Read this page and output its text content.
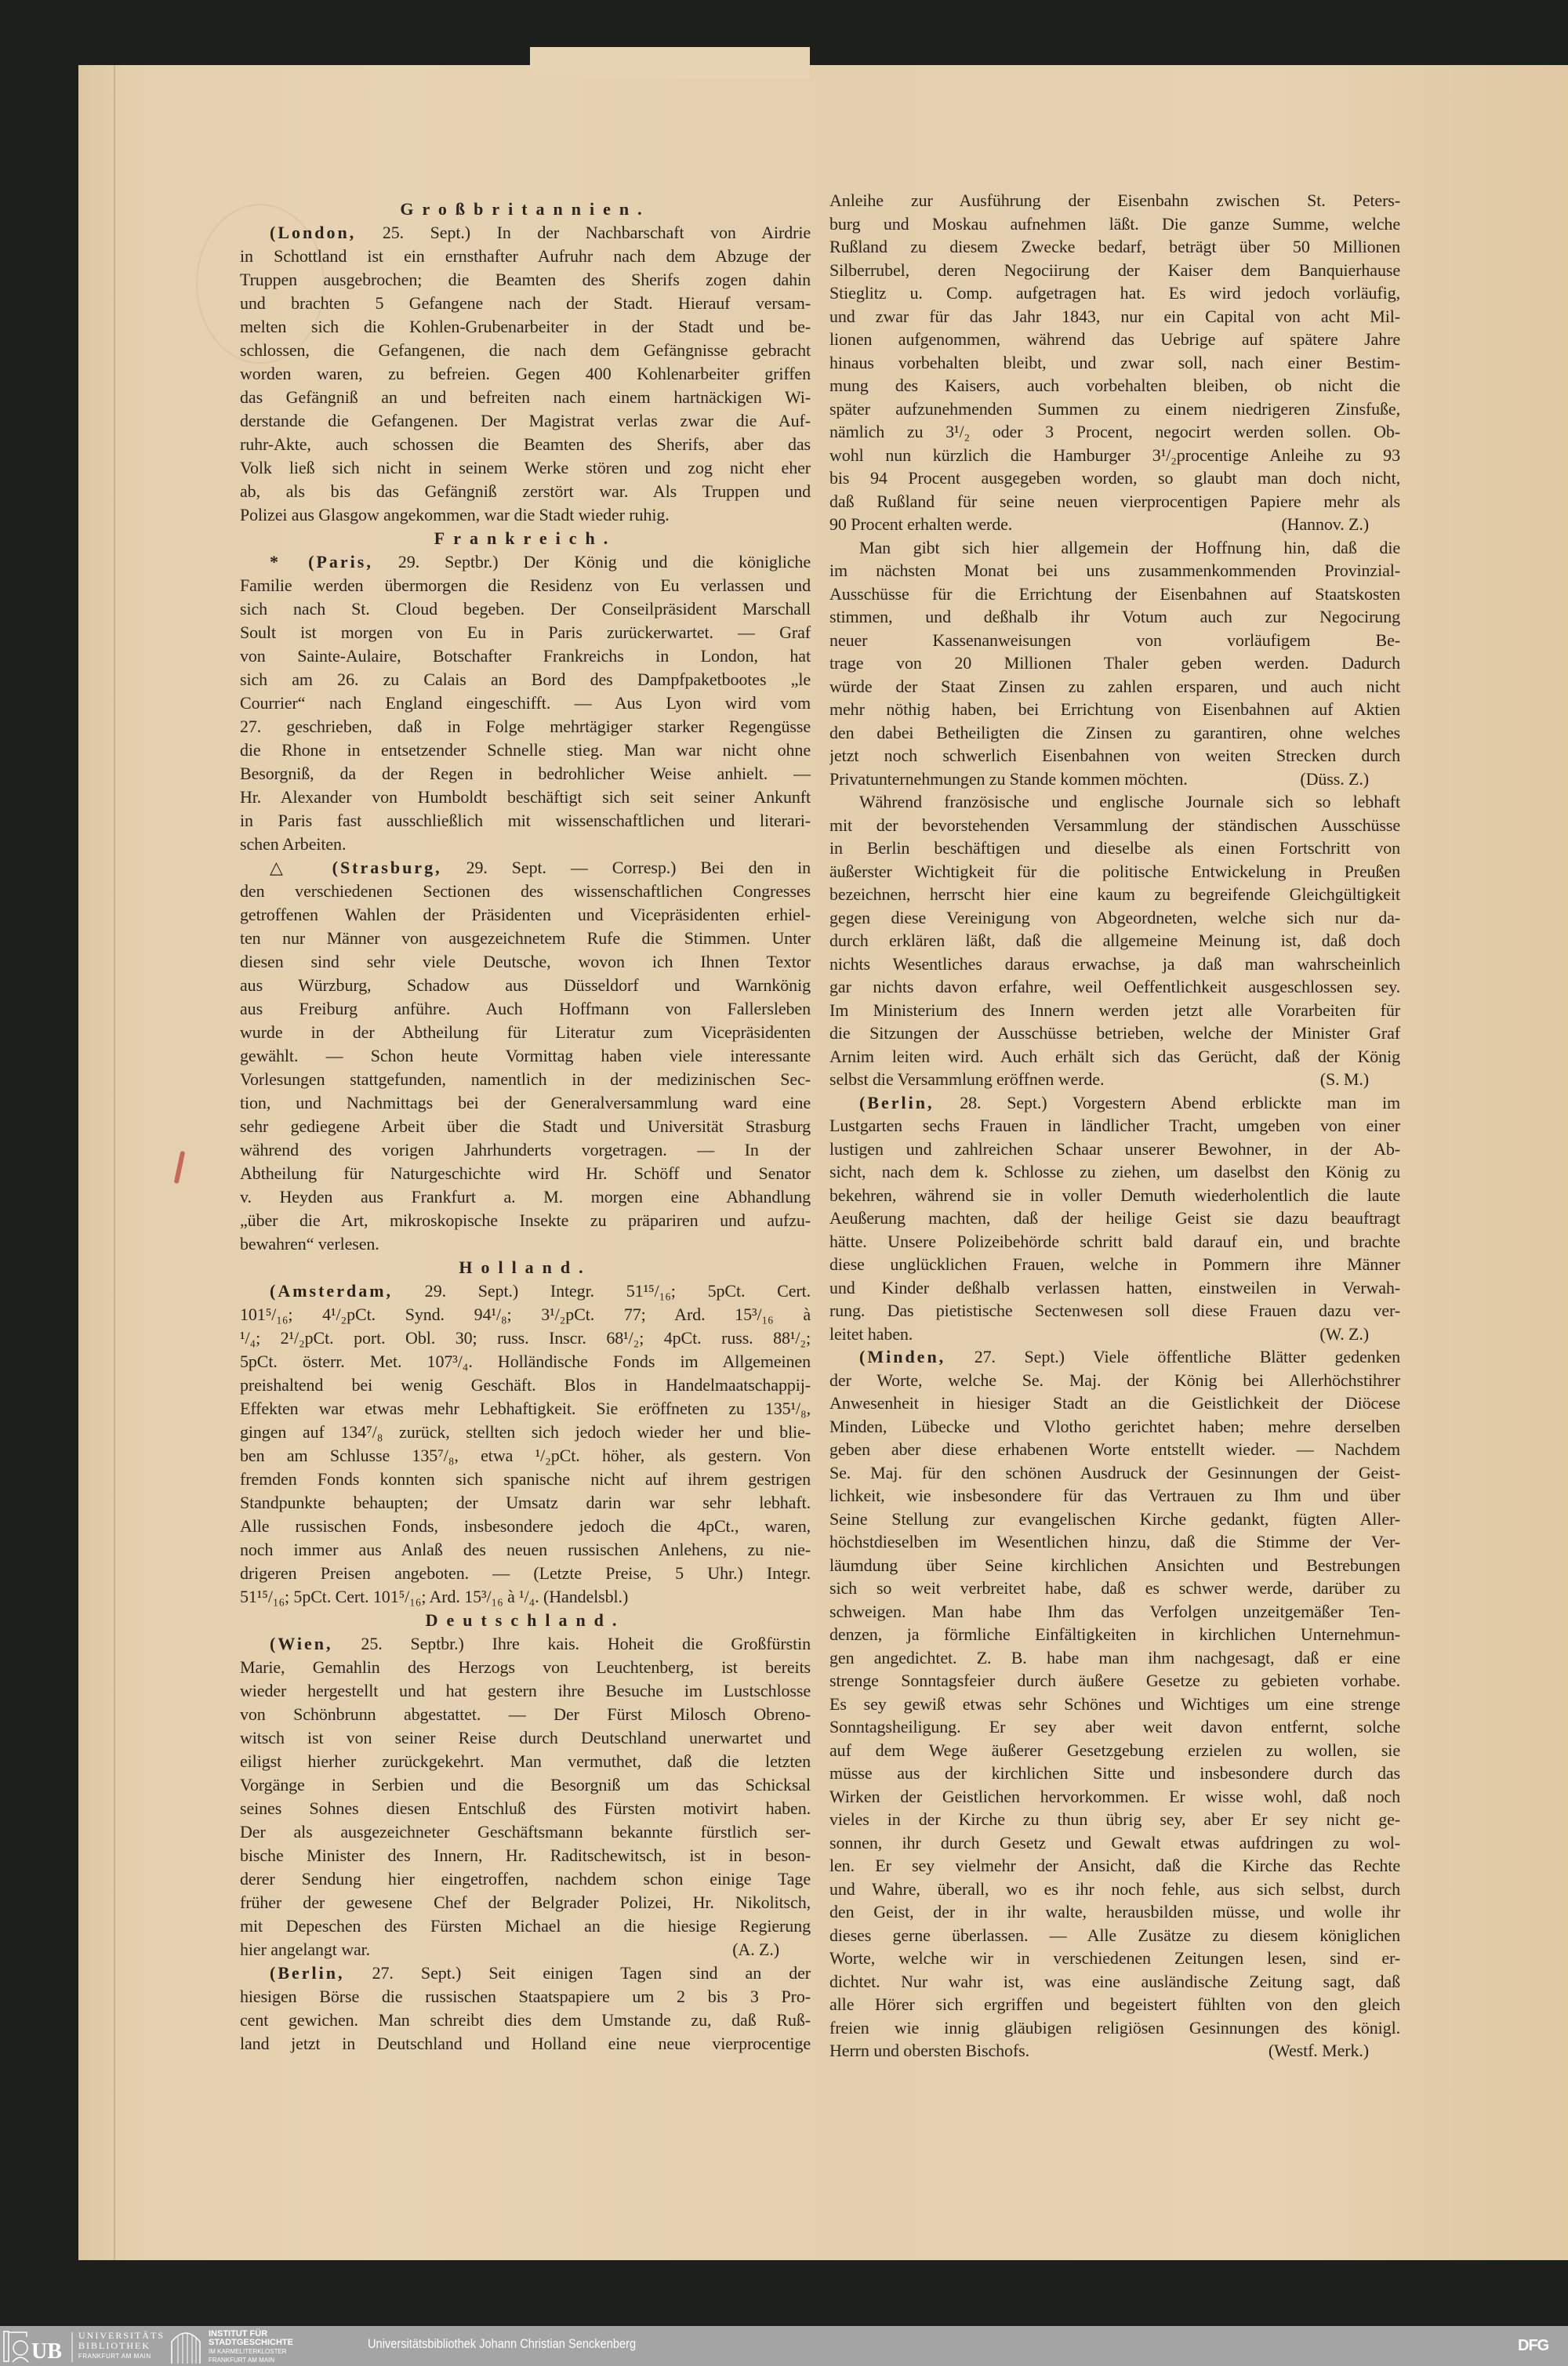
Großbritannien.
(London, 25. Sept.) In der Nachbarschaft von Airdrie
in Schottland ist ein ernsthafter Aufruhr nach dem Abzuge der
Truppen ausgebrochen; die Beamten des Sherifs zogen dahin
und brachten 5 Gefangene nach der Stadt. Hierauf versam-
melten sich die Kohlen-Grubenarbeiter in der Stadt und be-
schlossen, die Gefangenen, die nach dem Gefängnisse gebracht
worden waren, zu befreien. Gegen 400 Kohlenarbeiter griffen
das Gefängniß an und befreiten nach einem hartnäckigen Wi-
derstande die Gefangenen. Der Magistrat verlas zwar die Auf-
ruhr-Akte, auch schossen die Beamten des Sherifs, aber das
Volk ließ sich nicht in seinem Werke stören und zog nicht eher
ab, als bis das Gefängniß zerstört war. Als Truppen und
Polizei aus Glasgow angekommen, war die Stadt wieder ruhig.
Frankreich.
* (Paris, 29. Septbr.) Der König und die königliche
Familie werden übermorgen die Residenz von Eu verlassen und
sich nach St. Cloud begeben. Der Conseilpräsident Marschall
Soult ist morgen von Eu in Paris zurückerwartet. — Graf
von Sainte-Aulaire, Botschafter Frankreichs in London, hat
sich am 26. zu Calais an Bord des Dampfpaketbootes „le
Courrier“ nach England eingeschifft. — Aus Lyon wird vom
27. geschrieben, daß in Folge mehrtägiger starker Regengüsse
die Rhone in entsetzender Schnelle stieg. Man war nicht ohne
Besorgniß, da der Regen in bedrohlicher Weise anhielt. —
Hr. Alexander von Humboldt beschäftigt sich seit seiner Ankunft
in Paris fast ausschließlich mit wissenschaftlichen und literari-
schen Arbeiten.
△ (Strasburg, 29. Sept. — Corresp.) Bei den in
den verschiedenen Sectionen des wissenschaftlichen Congresses
getroffenen Wahlen der Präsidenten und Vicepräsidenten erhiel-
ten nur Männer von ausgezeichnetem Rufe die Stimmen. Unter
diesen sind sehr viele Deutsche, wovon ich Ihnen Textor
aus Würzburg, Schadow aus Düsseldorf und Warnkönig
aus Freiburg anführe. Auch Hoffmann von Fallersleben
wurde in der Abtheilung für Literatur zum Vicepräsidenten
gewählt. — Schon heute Vormittag haben viele interessante
Vorlesungen stattgefunden, namentlich in der medizinischen Sec-
tion, und Nachmittags bei der Generalversammlung ward eine
sehr gediegene Arbeit über die Stadt und Universität Strasburg
während des vorigen Jahrhunderts vorgetragen. — In der
Abtheilung für Naturgeschichte wird Hr. Schöff und Senator
v. Heyden aus Frankfurt a. M. morgen eine Abhandlung
„über die Art, mikroskopische Insekte zu präpariren und aufzu-
bewahren“ verlesen.
Holland.
(Amsterdam, 29. Sept.) Integr. 51¹⁵/₁₆; 5pCt. Cert.
101⁵/₁₆; 4¹/₂pCt. Synd. 94¹/₈; 3¹/₂pCt. 77; Ard. 15³/₁₆ à
¹/₄; 2¹/₂pCt. port. Obl. 30; russ. Inscr. 68¹/₂; 4pCt. russ. 88¹/₂;
5pCt. österr. Met. 107³/₄. Holländische Fonds im Allgemeinen
preishaltend bei wenig Geschäft. Blos in Handelmaatschappij-
Effekten war etwas mehr Lebhaftigkeit. Sie eröffneten zu 135¹/₈,
gingen auf 134⁷/₈ zurück, stellten sich jedoch wieder her und blie-
ben am Schlusse 135⁷/₈, etwa ¹/₂pCt. höher, als gestern. Von
fremden Fonds konnten sich spanische nicht auf ihrem gestrigen
Standpunkte behaupten; der Umsatz darin war sehr lebhaft.
Alle russischen Fonds, insbesondere jedoch die 4pCt., waren,
noch immer aus Anlaß des neuen russischen Anlehens, zu nie-
drigeren Preisen angeboten. — (Letzte Preise, 5 Uhr.) Integr.
51¹⁵/₁₆; 5pCt. Cert. 101⁵/₁₆; Ard. 15³/₁₆ à ¹/₄. (Handelsbl.)
Deutschland.
(Wien, 25. Septbr.) Ihre kais. Hoheit die Großfürstin
Marie, Gemahlin des Herzogs von Leuchtenberg, ist bereits
wieder hergestellt und hat gestern ihre Besuche im Lustschlosse
von Schönbrunn abgestattet. — Der Fürst Milosch Obreno-
witsch ist von seiner Reise durch Deutschland unerwartet und
eiligst hierher zurückgekehrt. Man vermuthet, daß die letzten
Vorgänge in Serbien und die Besorgniß um das Schicksal
seines Sohnes diesen Entschluß des Fürsten motivirt haben.
Der als ausgezeichneter Geschäftsmann bekannte fürstlich ser-
bische Minister des Innern, Hr. Raditschewitsch, ist in beson-
derer Sendung hier eingetroffen, nachdem schon einige Tage
früher der gewesene Chef der Belgrader Polizei, Hr. Nikolitsch,
mit Depeschen des Fürsten Michael an die hiesige Regierung
(A. Z.)
hier angelangt war.
(Berlin, 27. Sept.) Seit einigen Tagen sind an der
hiesigen Börse die russischen Staatspapiere um 2 bis 3 Pro-
cent gewichen. Man schreibt dies dem Umstande zu, daß Ruß-
land jetzt in Deutschland und Holland eine neue vierprocentige
Anleihe zur Ausführung der Eisenbahn zwischen St. Peters-
burg und Moskau aufnehmen läßt. Die ganze Summe, welche
Rußland zu diesem Zwecke bedarf, beträgt über 50 Millionen
Silberrubel, deren Negociirung der Kaiser dem Banquierhause
Stieglitz u. Comp. aufgetragen hat. Es wird jedoch vorläufig,
und zwar für das Jahr 1843, nur ein Capital von acht Mil-
lionen aufgenommen, während das Uebrige auf spätere Jahre
hinaus vorbehalten bleibt, und zwar soll, nach einer Bestim-
mung des Kaisers, auch vorbehalten bleiben, ob nicht die
später aufzunehmenden Summen zu einem niedrigeren Zinsfuße,
nämlich zu 3¹/₂ oder 3 Procent, negocirt werden sollen. Ob-
wohl nun kürzlich die Hamburger 3¹/₂procentige Anleihe zu 93
bis 94 Procent ausgegeben worden, so glaubt man doch nicht,
daß Rußland für seine neuen vierprocentigen Papiere mehr als
(Hannov. Z.)
90 Procent erhalten werde.
Man gibt sich hier allgemein der Hoffnung hin, daß die
im nächsten Monat bei uns zusammenkommenden Provinzial-
Ausschüsse für die Errichtung der Eisenbahnen auf Staatskosten
stimmen, und deßhalb ihr Votum auch zur Negocirung
neuer Kassenanweisungen von vorläufigem Be-
trage von 20 Millionen Thaler geben werden. Dadurch
würde der Staat Zinsen zu zahlen ersparen, und auch nicht
mehr nöthig haben, bei Errichtung von Eisenbahnen auf Aktien
den dabei Betheiligten die Zinsen zu garantiren, ohne welches
jetzt noch schwerlich Eisenbahnen von weiten Strecken durch
(Düss. Z.)
Privatunternehmungen zu Stande kommen möchten.
Während französische und englische Journale sich so lebhaft
mit der bevorstehenden Versammlung der ständischen Ausschüsse
in Berlin beschäftigen und dieselbe als einen Fortschritt von
äußerster Wichtigkeit für die politische Entwickelung in Preußen
bezeichnen, herrscht hier eine kaum zu begreifende Gleichgültigkeit
gegen diese Vereinigung von Abgeordneten, welche sich nur da-
durch erklären läßt, daß die allgemeine Meinung ist, daß doch
nichts Wesentliches daraus erwachse, ja daß man wahrscheinlich
gar nichts davon erfahre, weil Oeffentlichkeit ausgeschlossen sey.
Im Ministerium des Innern werden jetzt alle Vorarbeiten für
die Sitzungen der Ausschüsse betrieben, welche der Minister Graf
Arnim leiten wird. Auch erhält sich das Gerücht, daß der König
(S. M.)
selbst die Versammlung eröffnen werde.
(Berlin, 28. Sept.) Vorgestern Abend erblickte man im
Lustgarten sechs Frauen in ländlicher Tracht, umgeben von einer
lustigen und zahlreichen Schaar unserer Bewohner, in der Ab-
sicht, nach dem k. Schlosse zu ziehen, um daselbst den König zu
bekehren, während sie in voller Demuth wiederholentlich die laute
Aeußerung machten, daß der heilige Geist sie dazu beauftragt
hätte. Unsere Polizeibehörde schritt bald darauf ein, und brachte
diese unglücklichen Frauen, welche in Pommern ihre Männer
und Kinder deßhalb verlassen hatten, einstweilen in Verwah-
rung. Das pietistische Sectenwesen soll diese Frauen dazu ver-
(W. Z.)
leitet haben.
(Minden, 27. Sept.) Viele öffentliche Blätter gedenken
der Worte, welche Se. Maj. der König bei Allerhöchstihrer
Anwesenheit in hiesiger Stadt an die Geistlichkeit der Diöcese
Minden, Lübecke und Vlotho gerichtet haben; mehre derselben
geben aber diese erhabenen Worte entstellt wieder. — Nachdem
Se. Maj. für den schönen Ausdruck der Gesinnungen der Geist-
lichkeit, wie insbesondere für das Vertrauen zu Ihm und über
Seine Stellung zur evangelischen Kirche gedankt, fügten Aller-
höchstdieselben im Wesentlichen hinzu, daß die Stimme der Ver-
läumdung über Seine kirchlichen Ansichten und Bestrebungen
sich so weit verbreitet habe, daß es schwer werde, darüber zu
schweigen. Man habe Ihm das Verfolgen unzeitgemäßer Ten-
denzen, ja förmliche Einfältigkeiten in kirchlichen Unternehmun-
gen angedichtet. Z. B. habe man ihm nachgesagt, daß er eine
strenge Sonntagsfeier durch äußere Gesetze zu gebieten vorhabe.
Es sey gewiß etwas sehr Schönes und Wichtiges um eine strenge
Sonntagsheiligung. Er sey aber weit davon entfernt, solche
auf dem Wege äußerer Gesetzgebung erzielen zu wollen, sie
müsse aus der kirchlichen Sitte und insbesondere durch das
Wirken der Geistlichen hervorkommen. Er wisse wohl, daß noch
vieles in der Kirche zu thun übrig sey, aber Er sey nicht ge-
sonnen, ihr durch Gesetz und Gewalt etwas aufdringen zu wol-
len. Er sey vielmehr der Ansicht, daß die Kirche das Rechte
und Wahre, überall, wo es ihr noch fehle, aus sich selbst, durch
den Geist, der in ihr walte, herausbilden müsse, und wolle ihr
dieses gerne überlassen. — Alle Zusätze zu diesem königlichen
Worte, welche wir in verschiedenen Zeitungen lesen, sind er-
dichtet. Nur wahr ist, was eine ausländische Zeitung sagt, daß
alle Hörer sich ergriffen und begeistert fühlten von den gleich
freien wie innig gläubigen religiösen Gesinnungen des königl.
(Westf. Merk.)
Herrn und obersten Bischofs.
UB
UNIVERSITÄTS
BIBLIOTHEK
FRANKFURT AM MAIN
INSTITUT FÜR
STADTGESCHICHTE
IM KARMELITERKLOSTER
FRANKFURT AM MAIN
Universitätsbibliothek Johann Christian Senckenberg	DFG
